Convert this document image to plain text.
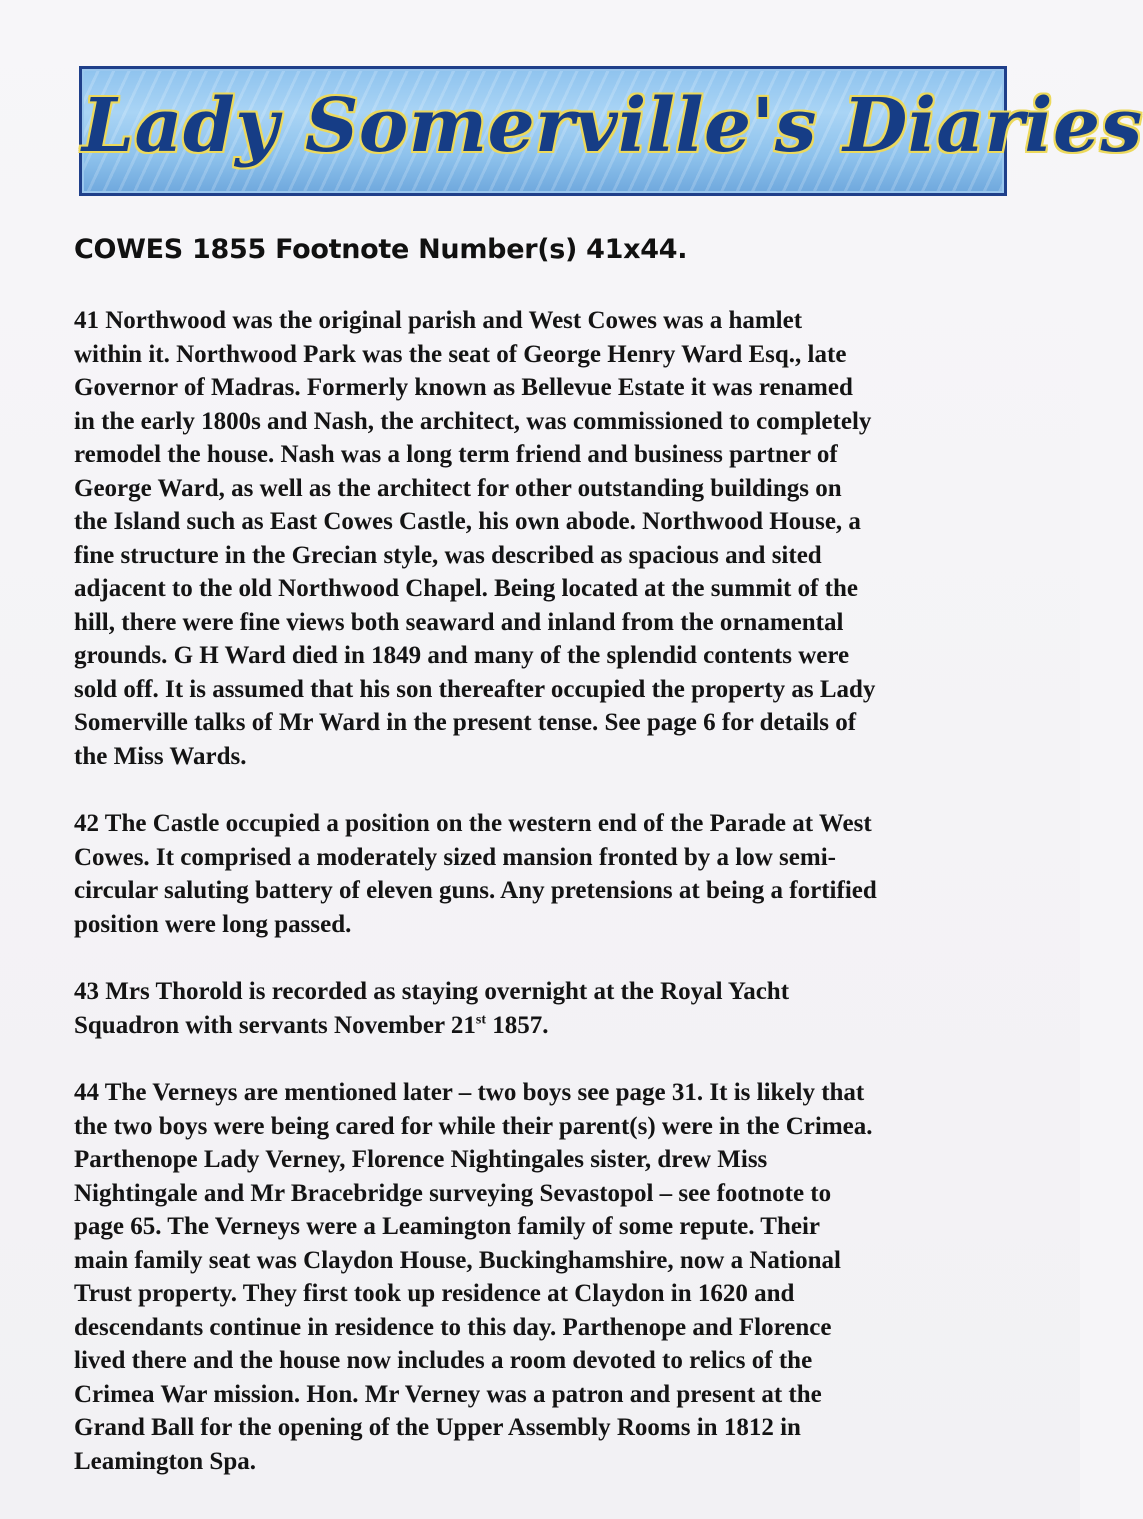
Lady Somerville's Diaries
COWES 1855 Footnote Number(s) 41x44.
41 Northwood was the original parish and West Cowes was a hamlet
within it. Northwood Park was the seat of George Henry Ward Esq., late
Governor of Madras. Formerly known as Bellevue Estate it was renamed
in the early 1800s and Nash, the architect, was commissioned to completely
remodel the house. Nash was a long term friend and business partner of
George Ward, as well as the architect for other outstanding buildings on
the Island such as East Cowes Castle, his own abode. Northwood House, a
fine structure in the Grecian style, was described as spacious and sited
adjacent to the old Northwood Chapel. Being located at the summit of the
hill, there were fine views both seaward and inland from the ornamental
grounds. G H Ward died in 1849 and many of the splendid contents were
sold off. It is assumed that his son thereafter occupied the property as Lady
Somerville talks of Mr Ward in the present tense. See page 6 for details of
the Miss Wards.
42 The Castle occupied a position on the western end of the Parade at West
Cowes. It comprised a moderately sized mansion fronted by a low semi-
circular saluting battery of eleven guns. Any pretensions at being a fortified
position were long passed.
43 Mrs Thorold is recorded as staying overnight at the Royal Yacht
Squadron with servants November 21st 1857.
44 The Verneys are mentioned later – two boys see page 31. It is likely that
the two boys were being cared for while their parent(s) were in the Crimea.
Parthenope Lady Verney, Florence Nightingales sister, drew Miss
Nightingale and Mr Bracebridge surveying Sevastopol – see footnote to
page 65. The Verneys were a Leamington family of some repute. Their
main family seat was Claydon House, Buckinghamshire, now a National
Trust property. They first took up residence at Claydon in 1620 and
descendants continue in residence to this day. Parthenope and Florence
lived there and the house now includes a room devoted to relics of the
Crimea War mission. Hon. Mr Verney was a patron and present at the
Grand Ball for the opening of the Upper Assembly Rooms in 1812 in
Leamington Spa.
